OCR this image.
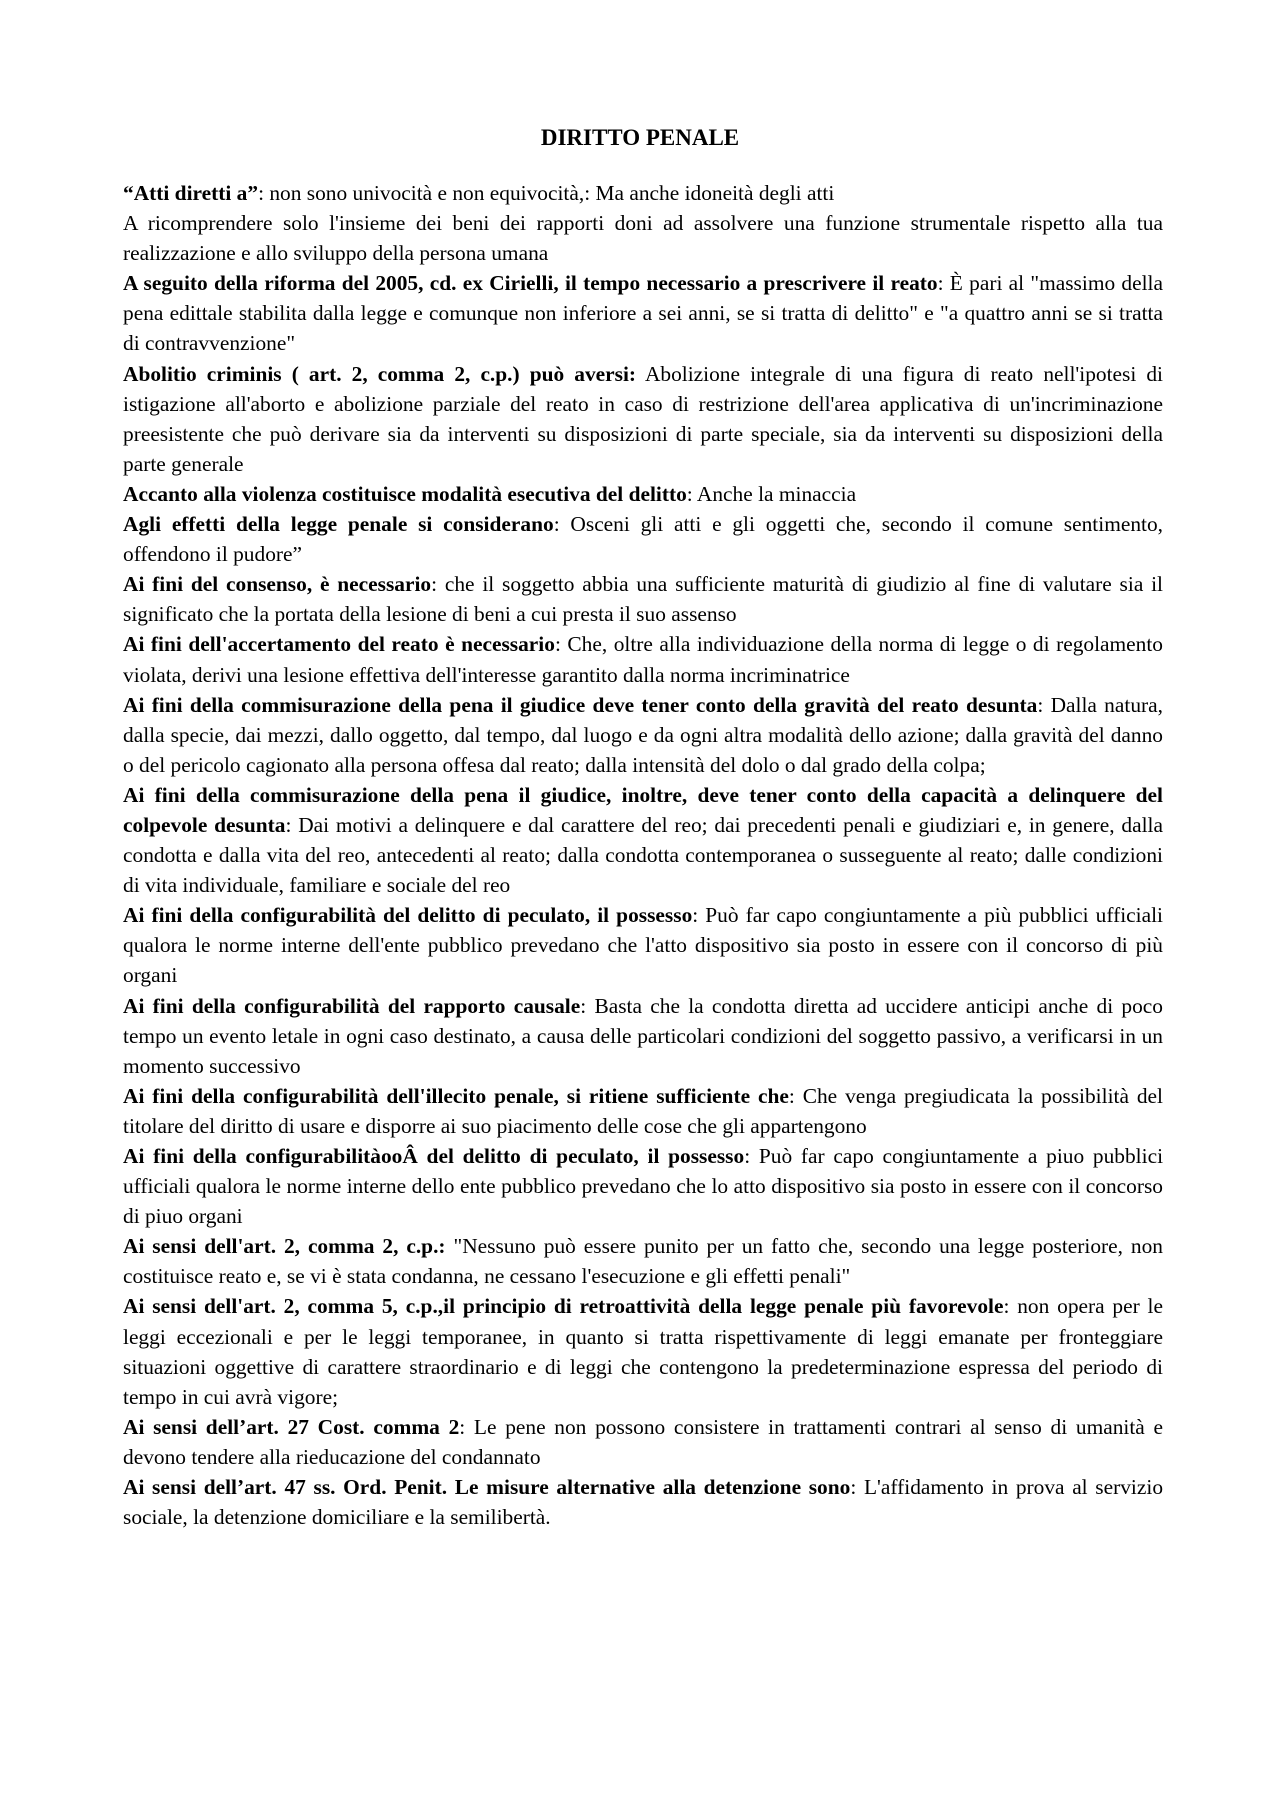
DIRITTO PENALE

“Atti diretti a”: non sono univocità e non equivocità,: Ma anche idoneità degli atti

A ricomprendere solo l'insieme dei beni dei rapporti doni ad assolvere una funzione strumentale rispetto alla tua realizzazione e allo sviluppo della persona umana

A seguito della riforma del 2005, cd. ex Cirielli, il tempo necessario a prescrivere il reato: È pari al "massimo della pena edittale stabilita dalla legge e comunque non inferiore a sei anni, se si tratta di delitto" e "a quattro anni se si tratta di contravvenzione"

Abolitio criminis ( art. 2, comma 2, c.p.) può aversi: Abolizione integrale di una figura di reato nell'ipotesi di istigazione all'aborto e abolizione parziale del reato in caso di restrizione dell'area applicativa di un'incriminazione preesistente che può derivare sia da interventi su disposizioni di parte speciale, sia da interventi su disposizioni della parte generale

Accanto alla violenza costituisce modalità esecutiva del delitto: Anche la minaccia

Agli effetti della legge penale si considerano: Osceni gli atti e gli oggetti che, secondo il comune sentimento, offendono il pudore”

Ai fini del consenso, è necessario: che il soggetto abbia una sufficiente maturità di giudizio al fine di valutare sia il significato che la portata della lesione di beni a cui presta il suo assenso

Ai fini dell'accertamento del reato è necessario: Che, oltre alla individuazione della norma di legge o di regolamento violata, derivi una lesione effettiva dell'interesse garantito dalla norma incriminatrice

Ai fini della commisurazione della pena il giudice deve tener conto della gravità del reato desunta: Dalla natura, dalla specie, dai mezzi, dallo oggetto, dal tempo, dal luogo e da ogni altra modalità dello azione; dalla gravità del danno o del pericolo cagionato alla persona offesa dal reato; dalla intensità del dolo o dal grado della colpa;

Ai fini della commisurazione della pena il giudice, inoltre, deve tener conto della capacità a delinquere del colpevole desunta: Dai motivi a delinquere e dal carattere del reo; dai precedenti penali e giudiziari e, in genere, dalla condotta e dalla vita del reo, antecedenti al reato; dalla condotta contemporanea o susseguente al reato; dalle condizioni di vita individuale, familiare e sociale del reo

Ai fini della configurabilità del delitto di peculato, il possesso: Può far capo congiuntamente a più pubblici ufficiali qualora le norme interne dell'ente pubblico prevedano che l'atto dispositivo sia posto in essere con il concorso di più organi

Ai fini della configurabilità del rapporto causale: Basta che la condotta diretta ad uccidere anticipi anche di poco tempo un evento letale in ogni caso destinato, a causa delle particolari condizioni del soggetto passivo, a verificarsi in un momento successivo

Ai fini della configurabilità dell'illecito penale, si ritiene sufficiente che: Che venga pregiudicata la possibilità del titolare del diritto di usare e disporre ai suo piacimento delle cose che gli appartengono

Ai fini della configurabilitàooÂ del delitto di peculato, il possesso: Può far capo congiuntamente a piuo pubblici ufficiali qualora le norme interne dello ente pubblico prevedano che lo atto dispositivo sia posto in essere con il concorso di piuo organi

Ai sensi dell'art. 2, comma 2, c.p.: "Nessuno può essere punito per un fatto che, secondo una legge posteriore, non costituisce reato e, se vi è stata condanna, ne cessano l'esecuzione e gli effetti penali"

Ai sensi dell'art. 2, comma 5, c.p.,il principio di retroattività della legge penale più favorevole: non opera per le leggi eccezionali e per le leggi temporanee, in quanto si tratta rispettivamente di leggi emanate per fronteggiare situazioni oggettive di carattere straordinario e di leggi che contengono la predeterminazione espressa del periodo di tempo in cui avrà vigore;

Ai sensi dell’art. 27 Cost. comma 2: Le pene non possono consistere in trattamenti contrari al senso di umanità e devono tendere alla rieducazione del condannato

Ai sensi dell’art. 47 ss. Ord. Penit. Le misure alternative alla detenzione sono: L'affidamento in prova al servizio sociale, la detenzione domiciliare e la semilibertà.
